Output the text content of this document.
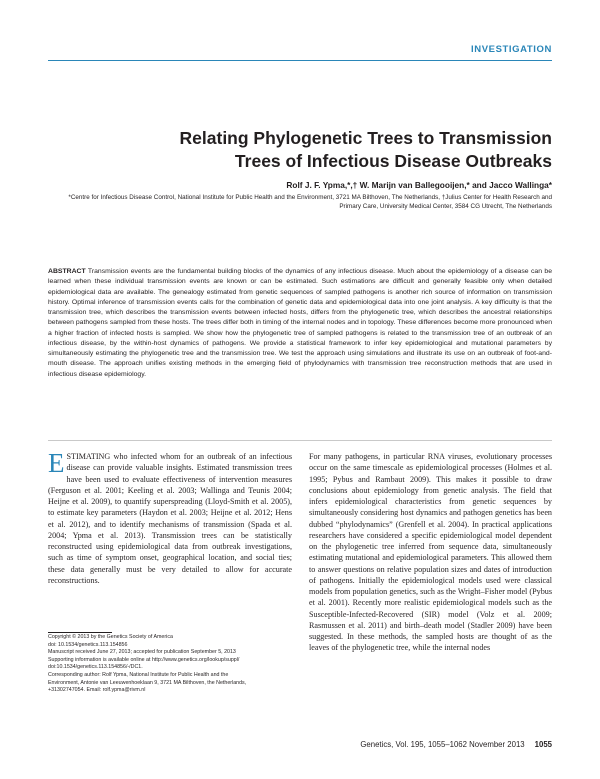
INVESTIGATION
Relating Phylogenetic Trees to Transmission
Trees of Infectious Disease Outbreaks
Rolf J. F. Ypma,*,† W. Marijn van Ballegooijen,* and Jacco Wallinga*
*Centre for Infectious Disease Control, National Institute for Public Health and the Environment, 3721 MA Bilthoven, The Netherlands, †Julius Center for Health Research and Primary Care, University Medical Center, 3584 CG Utrecht, The Netherlands
ABSTRACT Transmission events are the fundamental building blocks of the dynamics of any infectious disease. Much about the epidemiology of a disease can be learned when these individual transmission events are known or can be estimated. Such estimations are difficult and generally feasible only when detailed epidemiological data are available. The genealogy estimated from genetic sequences of sampled pathogens is another rich source of information on transmission history. Optimal inference of transmission events calls for the combination of genetic data and epidemiological data into one joint analysis. A key difficulty is that the transmission tree, which describes the transmission events between infected hosts, differs from the phylogenetic tree, which describes the ancestral relationships between pathogens sampled from these hosts. The trees differ both in timing of the internal nodes and in topology. These differences become more pronounced when a higher fraction of infected hosts is sampled. We show how the phylogenetic tree of sampled pathogens is related to the transmission tree of an outbreak of an infectious disease, by the within-host dynamics of pathogens. We provide a statistical framework to infer key epidemiological and mutational parameters by simultaneously estimating the phylogenetic tree and the transmission tree. We test the approach using simulations and illustrate its use on an outbreak of foot-and-mouth disease. The approach unifies existing methods in the emerging field of phylodynamics with transmission tree reconstruction methods that are used in infectious disease epidemiology.
ESTIMATING who infected whom for an outbreak of an infectious disease can provide valuable insights. Estimated transmission trees have been used to evaluate effectiveness of intervention measures (Ferguson et al. 2001; Keeling et al. 2003; Wallinga and Teunis 2004; Heijne et al. 2009), to quantify superspreading (Lloyd-Smith et al. 2005), to estimate key parameters (Haydon et al. 2003; Heijne et al. 2012; Hens et al. 2012), and to identify mechanisms of transmission (Spada et al. 2004; Ypma et al. 2013). Transmission trees can be statistically reconstructed using epidemiological data from outbreak investigations, such as time of symptom onset, geographical location, and social ties; these data generally must be very detailed to allow for accurate reconstructions.
For many pathogens, in particular RNA viruses, evolutionary processes occur on the same timescale as epidemiological processes (Holmes et al. 1995; Pybus and Rambaut 2009). This makes it possible to draw conclusions about epidemiology from genetic analysis. The field that infers epidemiological characteristics from genetic sequences by simultaneously considering host dynamics and pathogen genetics has been dubbed “phylodynamics” (Grenfell et al. 2004). In practical applications researchers have considered a specific epidemiological model dependent on the phylogenetic tree inferred from sequence data, simultaneously estimating mutational and epidemiological parameters. This allowed them to answer questions on relative population sizes and dates of introduction of pathogens. Initially the epidemiological models used were classical models from population genetics, such as the Wright–Fisher model (Pybus et al. 2001). Recently more realistic epidemiological models such as the Susceptible-Infected-Recovered (SIR) model (Volz et al. 2009; Rasmussen et al. 2011) and birth–death model (Stadler 2009) have been suggested. In these methods, the sampled hosts are thought of as the leaves of the phylogenetic tree, while the internal nodes
Copyright © 2013 by the Genetics Society of America
doi: 10.1534/genetics.113.154856
Manuscript received June 27, 2013; accepted for publication September 5, 2013
Supporting information is available online at http://www.genetics.org/lookup/suppl/
doi:10.1534/genetics.113.154856/-/DC1.
Corresponding author: Rolf Ypma, National Institute for Public Health and the
Environment, Antonie van Leeuwenhoeklaan 9, 3721 MA Bilthoven, the Netherlands,
+31302747054. Email: rolf.ypma@rivm.nl
Genetics, Vol. 195, 1055–1062 November 2013 1055
